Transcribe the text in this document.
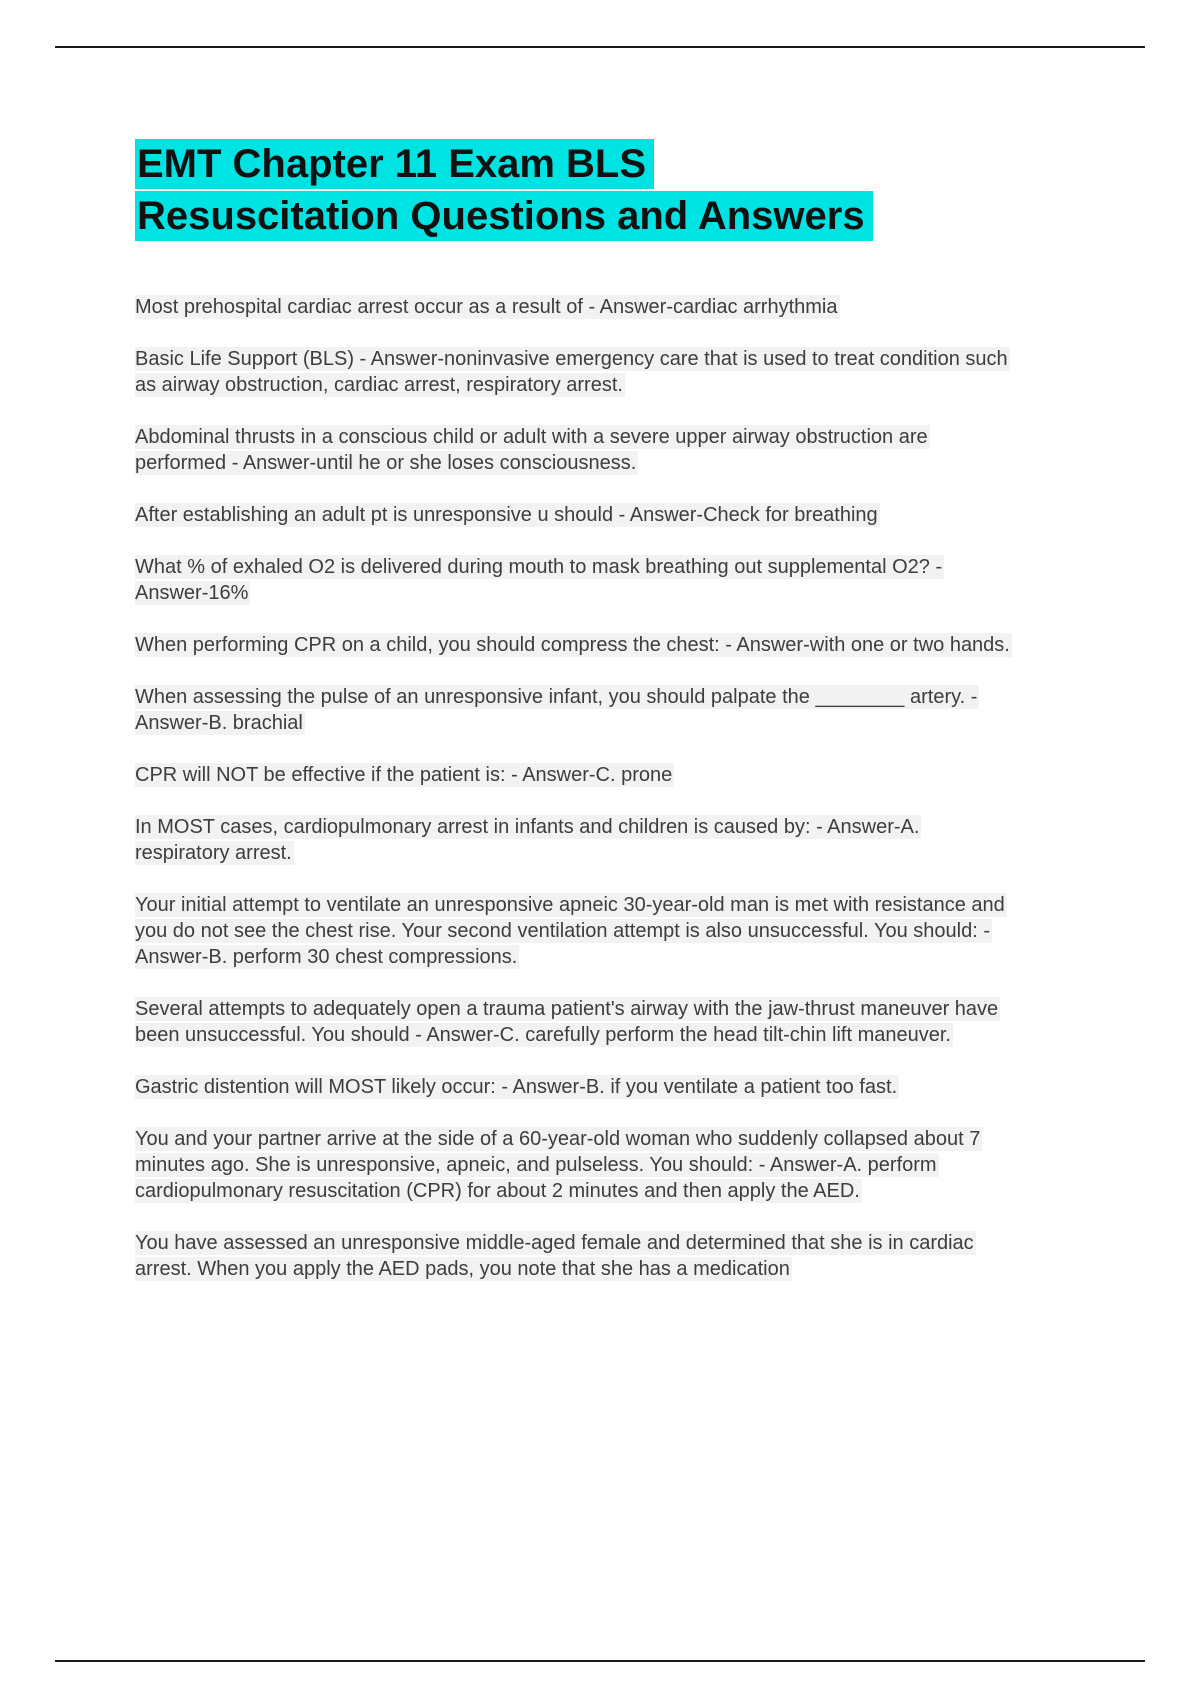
EMT Chapter 11 Exam BLS
Resuscitation Questions and Answers

Most prehospital cardiac arrest occur as a result of - Answer-cardiac arrhythmia

Basic Life Support (BLS) - Answer-noninvasive emergency care that is used to treat condition such as airway obstruction, cardiac arrest, respiratory arrest.

Abdominal thrusts in a conscious child or adult with a severe upper airway obstruction are performed - Answer-until he or she loses consciousness.

After establishing an adult pt is unresponsive u should - Answer-Check for breathing

What % of exhaled O2 is delivered during mouth to mask breathing out supplemental O2? - Answer-16%

When performing CPR on a child, you should compress the chest: - Answer-with one or two hands.

When assessing the pulse of an unresponsive infant, you should palpate the ________ artery. - Answer-B. brachial

CPR will NOT be effective if the patient is: - Answer-C. prone

In MOST cases, cardiopulmonary arrest in infants and children is caused by: - Answer-A. respiratory arrest.

Your initial attempt to ventilate an unresponsive apneic 30-year-old man is met with resistance and you do not see the chest rise. Your second ventilation attempt is also unsuccessful. You should: - Answer-B. perform 30 chest compressions.

Several attempts to adequately open a trauma patient's airway with the jaw-thrust maneuver have been unsuccessful. You should - Answer-C. carefully perform the head tilt-chin lift maneuver.

Gastric distention will MOST likely occur: - Answer-B. if you ventilate a patient too fast.

You and your partner arrive at the side of a 60-year-old woman who suddenly collapsed about 7 minutes ago. She is unresponsive, apneic, and pulseless. You should: - Answer-A. perform cardiopulmonary resuscitation (CPR) for about 2 minutes and then apply the AED.

You have assessed an unresponsive middle-aged female and determined that she is in cardiac arrest. When you apply the AED pads, you note that she has a medication
